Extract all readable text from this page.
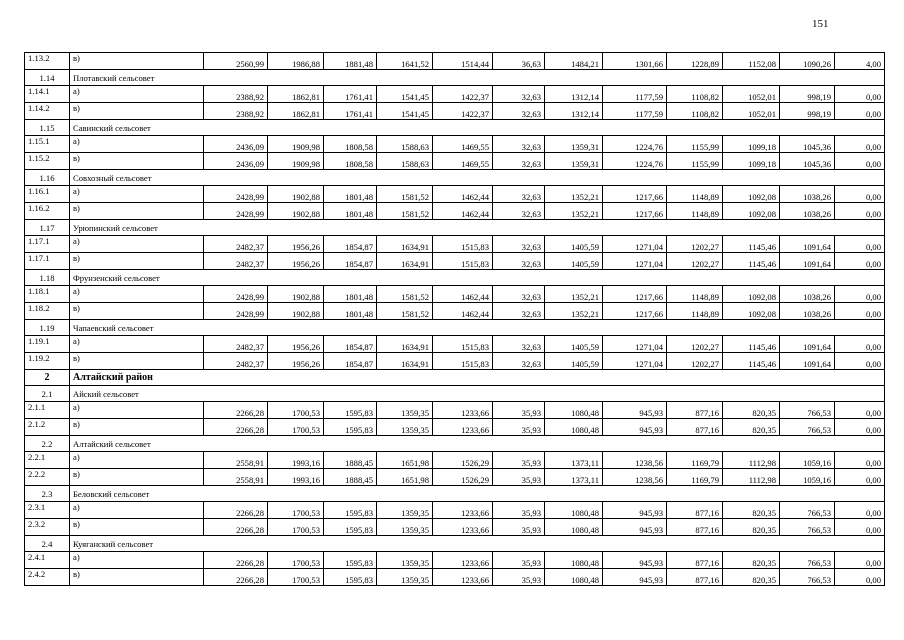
151
1.13.2	в)	2560,99	1986,88	1881,48	1641,52	1514,44	36,63	1484,21	1301,66	1228,89	1152,08	1090,26	4,00
1.14	Плотавский сельсовет												
1.14.1	а)	2388,92	1862,81	1761,41	1541,45	1422,37	32,63	1312,14	1177,59	1108,82	1052,01	998,19	0,00
1.14.2	в)	2388,92	1862,81	1761,41	1541,45	1422,37	32,63	1312,14	1177,59	1108,82	1052,01	998,19	0,00
1.15	Савинский сельсовет												
1.15.1	а)	2436,09	1909,98	1808,58	1588,63	1469,55	32,63	1359,31	1224,76	1155,99	1099,18	1045,36	0,00
1.15.2	в)	2436,09	1909,98	1808,58	1588,63	1469,55	32,63	1359,31	1224,76	1155,99	1099,18	1045,36	0,00
1.16	Совхозный сельсовет												
1.16.1	а)	2428,99	1902,88	1801,48	1581,52	1462,44	32,63	1352,21	1217,66	1148,89	1092,08	1038,26	0,00
1.16.2	в)	2428,99	1902,88	1801,48	1581,52	1462,44	32,63	1352,21	1217,66	1148,89	1092,08	1038,26	0,00
1.17	Урюпинский сельсовет												
1.17.1	а)	2482,37	1956,26	1854,87	1634,91	1515,83	32,63	1405,59	1271,04	1202,27	1145,46	1091,64	0,00
1.17.1	в)	2482,37	1956,26	1854,87	1634,91	1515,83	32,63	1405,59	1271,04	1202,27	1145,46	1091,64	0,00
1.18	Фрунзенский сельсовет												
1.18.1	а)	2428,99	1902,88	1801,48	1581,52	1462,44	32,63	1352,21	1217,66	1148,89	1092,08	1038,26	0,00
1.18.2	в)	2428,99	1902,88	1801,48	1581,52	1462,44	32,63	1352,21	1217,66	1148,89	1092,08	1038,26	0,00
1.19	Чапаевский сельсовет												
1.19.1	а)	2482,37	1956,26	1854,87	1634,91	1515,83	32,63	1405,59	1271,04	1202,27	1145,46	1091,64	0,00
1.19.2	в)	2482,37	1956,26	1854,87	1634,91	1515,83	32,63	1405,59	1271,04	1202,27	1145,46	1091,64	0,00
2	Алтайский район												
2.1	Айский сельсовет												
2.1.1	а)	2266,28	1700,53	1595,83	1359,35	1233,66	35,93	1080,48	945,93	877,16	820,35	766,53	0,00
2.1.2	в)	2266,28	1700,53	1595,83	1359,35	1233,66	35,93	1080,48	945,93	877,16	820,35	766,53	0,00
2.2	Алтайский сельсовет												
2.2.1	а)	2558,91	1993,16	1888,45	1651,98	1526,29	35,93	1373,11	1238,56	1169,79	1112,98	1059,16	0,00
2.2.2	в)	2558,91	1993,16	1888,45	1651,98	1526,29	35,93	1373,11	1238,56	1169,79	1112,98	1059,16	0,00
2.3	Беловский сельсовет												
2.3.1	а)	2266,28	1700,53	1595,83	1359,35	1233,66	35,93	1080,48	945,93	877,16	820,35	766,53	0,00
2.3.2	в)	2266,28	1700,53	1595,83	1359,35	1233,66	35,93	1080,48	945,93	877,16	820,35	766,53	0,00
2.4	Куяганский сельсовет												
2.4.1	а)	2266,28	1700,53	1595,83	1359,35	1233,66	35,93	1080,48	945,93	877,16	820,35	766,53	0,00
2.4.2	в)	2266,28	1700,53	1595,83	1359,35	1233,66	35,93	1080,48	945,93	877,16	820,35	766,53	0,00
